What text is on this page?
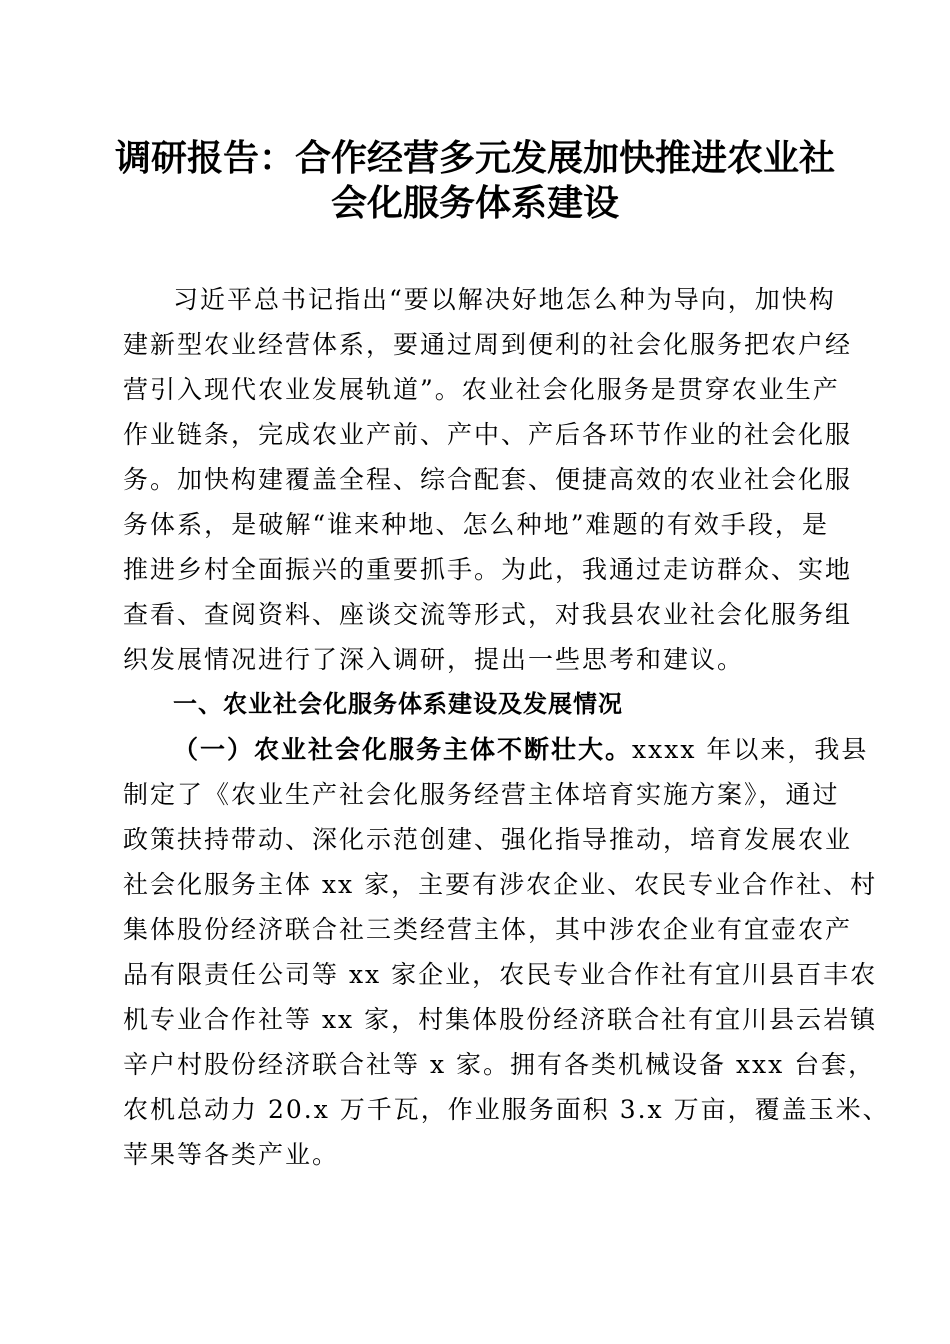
调研报告：合作经营多元发展加快推进农业社
会化服务体系建设
习近平总书记指出“要以解决好地怎么种为导向，加快构
建新型农业经营体系，要通过周到便利的社会化服务把农户经
营引入现代农业发展轨道”。农业社会化服务是贯穿农业生产
作业链条，完成农业产前、产中、产后各环节作业的社会化服
务。加快构建覆盖全程、综合配套、便捷高效的农业社会化服
务体系，是破解“谁来种地、怎么种地”难题的有效手段，是
推进乡村全面振兴的重要抓手。为此，我通过走访群众、实地
查看、查阅资料、座谈交流等形式，对我县农业社会化服务组
织发展情况进行了深入调研，提出一些思考和建议。
一、农业社会化服务体系建设及发展情况
（一）农业社会化服务主体不断壮大。xxxx 年以来，我县
制定了《农业生产社会化服务经营主体培育实施方案》，通过
政策扶持带动、深化示范创建、强化指导推动，培育发展农业
社会化服务主体 xx 家，主要有涉农企业、农民专业合作社、村
集体股份经济联合社三类经营主体，其中涉农企业有宜壶农产
品有限责任公司等 xx 家企业，农民专业合作社有宜川县百丰农
机专业合作社等 xx 家，村集体股份经济联合社有宜川县云岩镇
辛户村股份经济联合社等 x 家。拥有各类机械设备 xxx 台套，
农机总动力 20.x 万千瓦，作业服务面积 3.x 万亩，覆盖玉米、
苹果等各类产业。
